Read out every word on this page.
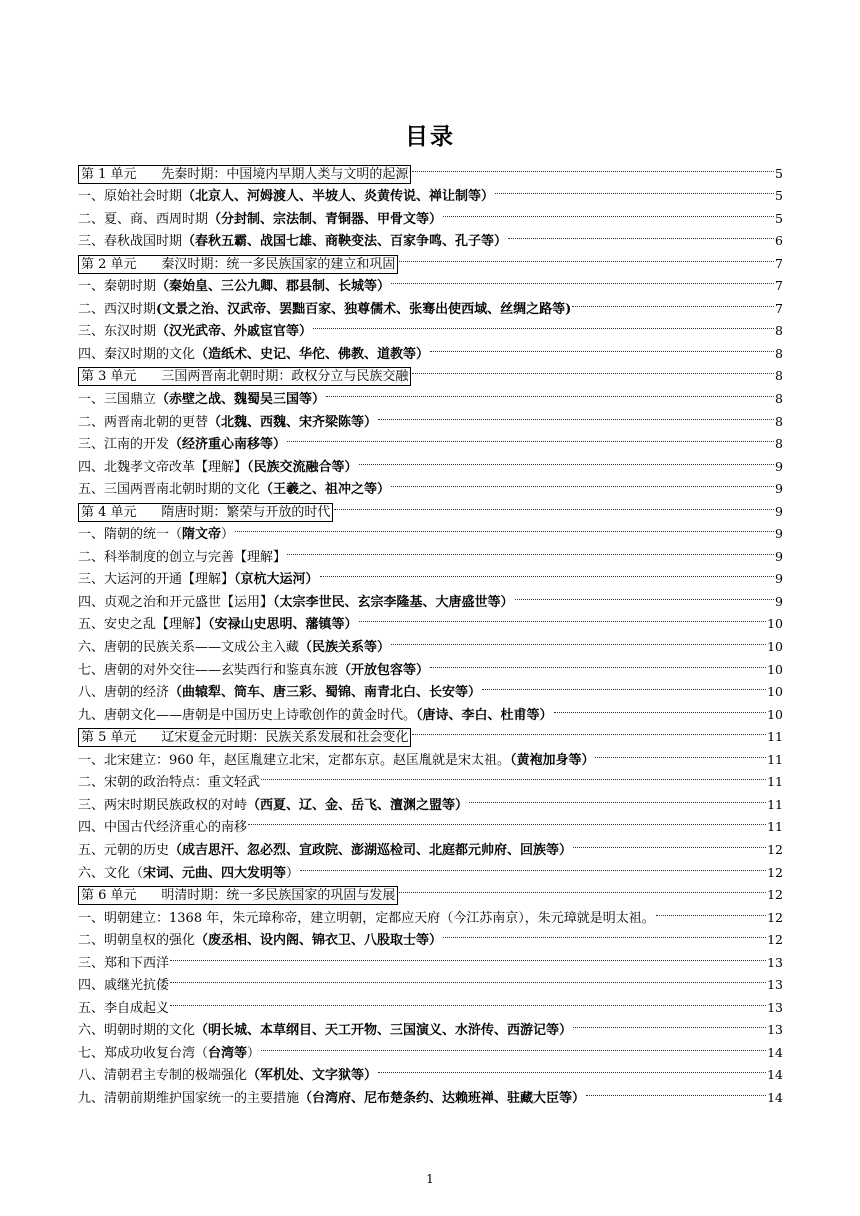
目录
第 1 单元 先秦时期：中国境内早期人类与文明的起源	5
一、原始社会时期（北京人、河姆渡人、半坡人、炎黄传说、禅让制等）	5
二、夏、商、西周时期（分封制、宗法制、青铜器、甲骨文等）	5
三、春秋战国时期（春秋五霸、战国七雄、商鞅变法、百家争鸣、孔子等）	6
第 2 单元 秦汉时期：统一多民族国家的建立和巩固	7
一、秦朝时期（秦始皇、三公九卿、郡县制、长城等）	7
二、西汉时期(文景之治、汉武帝、罢黜百家、独尊儒术、张骞出使西域、丝绸之路等)	7
三、东汉时期（汉光武帝、外戚宦官等）	8
四、秦汉时期的文化（造纸术、史记、华佗、佛教、道教等）	8
第 3 单元 三国两晋南北朝时期：政权分立与民族交融	8
一、三国鼎立（赤壁之战、魏蜀吴三国等）	8
二、两晋南北朝的更替（北魏、西魏、宋齐梁陈等）	8
三、江南的开发（经济重心南移等）	8
四、北魏孝文帝改革【理解】（民族交流融合等）	9
五、三国两晋南北朝时期的文化（王羲之、祖冲之等）	9
第 4 单元 隋唐时期：繁荣与开放的时代	9
一、隋朝的统一（隋文帝）	9
二、科举制度的创立与完善【理解】	9
三、大运河的开通【理解】（京杭大运河）	9
四、贞观之治和开元盛世【运用】（太宗李世民、玄宗李隆基、大唐盛世等）	9
五、安史之乱【理解】（安禄山史思明、藩镇等）	10
六、唐朝的民族关系——文成公主入藏（民族关系等）	10
七、唐朝的对外交往——玄奘西行和鉴真东渡（开放包容等）	10
八、唐朝的经济（曲辕犁、筒车、唐三彩、蜀锦、南青北白、长安等）	10
九、唐朝文化——唐朝是中国历史上诗歌创作的黄金时代。（唐诗、李白、杜甫等）	10
第 5 单元 辽宋夏金元时期：民族关系发展和社会变化	11
一、北宋建立：960 年，赵匡胤建立北宋，定都东京。赵匡胤就是宋太祖。（黄袍加身等）	11
二、宋朝的政治特点：重文轻武	11
三、两宋时期民族政权的对峙（西夏、辽、金、岳飞、澶渊之盟等）	11
四、中国古代经济重心的南移	11
五、元朝的历史（成吉思汗、忽必烈、宣政院、澎湖巡检司、北庭都元帅府、回族等）	12
六、文化（宋词、元曲、四大发明等）	12
第 6 单元 明清时期：统一多民族国家的巩固与发展	12
一、明朝建立：1368 年，朱元璋称帝，建立明朝，定都应天府（今江苏南京），朱元璋就是明太祖。	12
二、明朝皇权的强化（废丞相、设内阁、锦衣卫、八股取士等）	12
三、郑和下西洋	13
四、戚继光抗倭	13
五、李自成起义	13
六、明朝时期的文化（明长城、本草纲目、天工开物、三国演义、水浒传、西游记等）	13
七、郑成功收复台湾（台湾等）	14
八、清朝君主专制的极端强化（军机处、文字狱等）	14
九、清朝前期维护国家统一的主要措施（台湾府、尼布楚条约、达赖班禅、驻藏大臣等）	14
1
